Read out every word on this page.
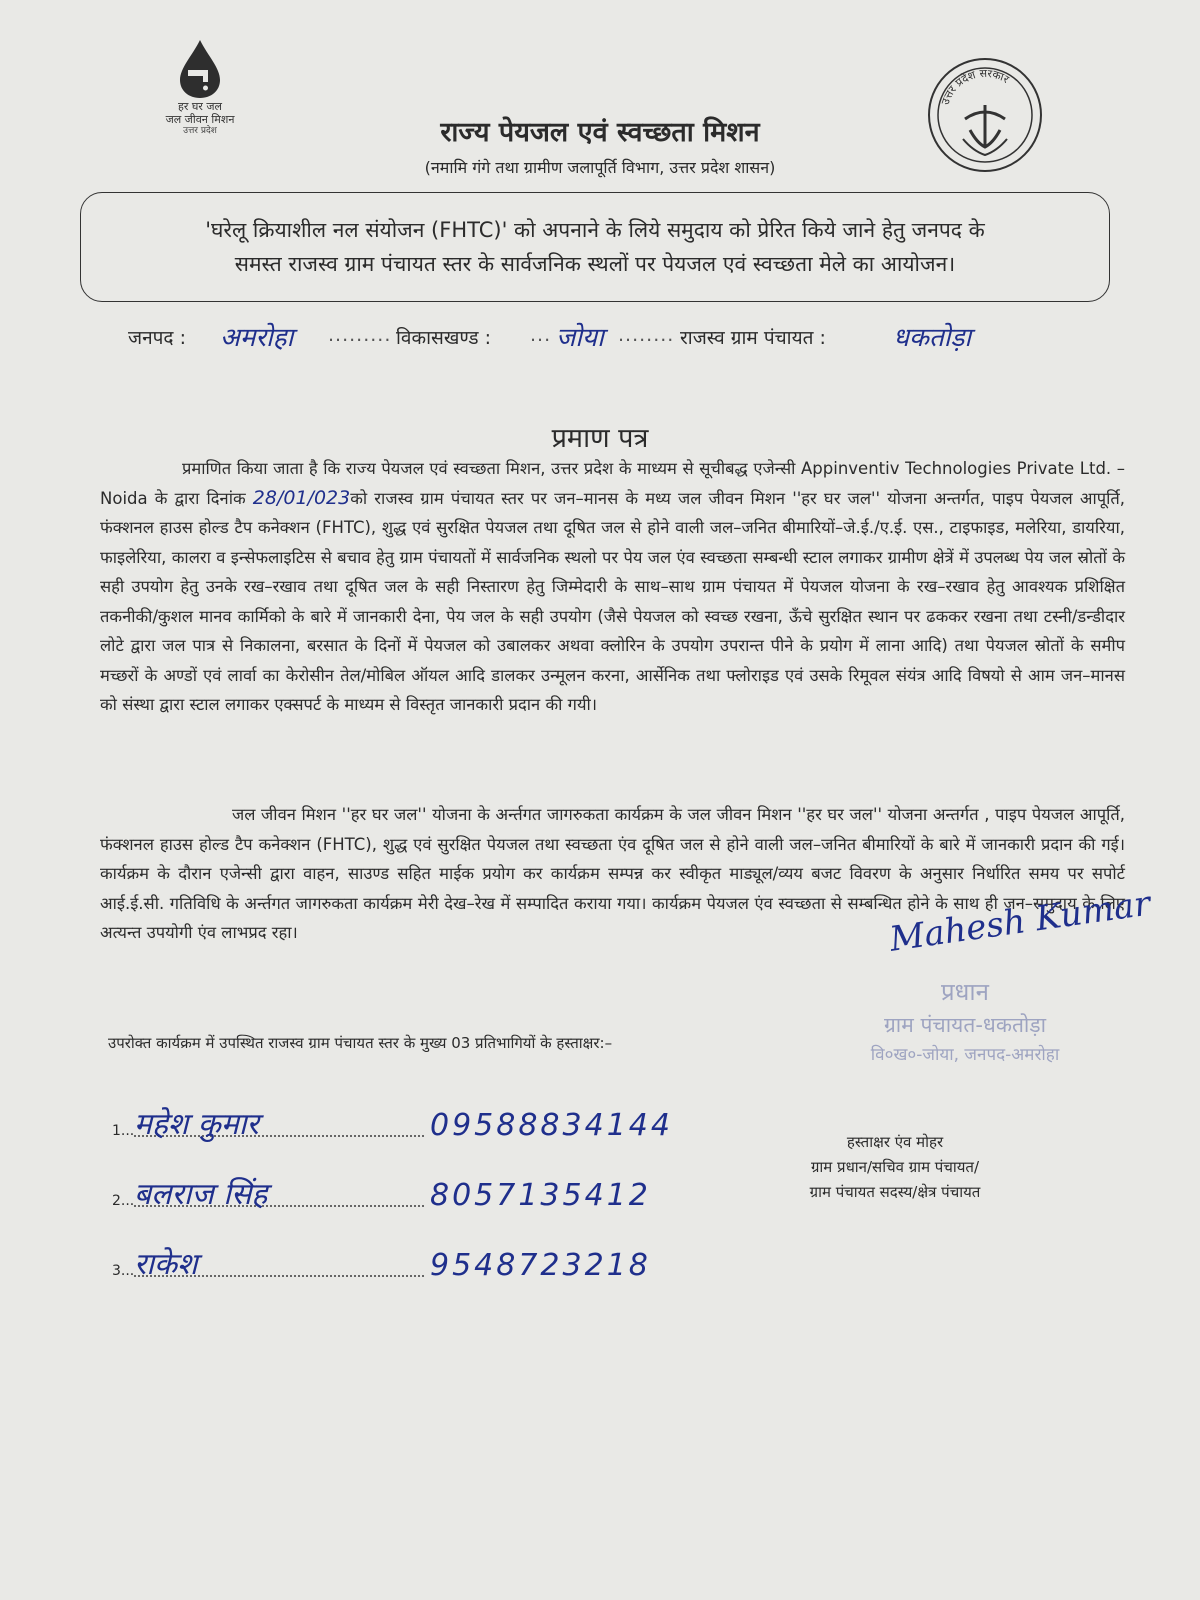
हर घर जल
जल जीवन मिशन
उत्तर प्रदेश
उत्तर प्रदेश सरकार
राज्य पेयजल एवं स्वच्छता मिशन
(नमामि गंगे तथा ग्रामीण जलापूर्ति विभाग, उत्तर प्रदेश शासन)
'घरेलू क्रियाशील नल संयोजन (FHTC)' को अपनाने के लिये समुदाय को प्रेरित किये जाने हेतु जनपद के
समस्त राजस्व ग्राम पंचायत स्तर के सार्वजनिक स्थलों पर पेयजल एवं स्वच्छता मेले का आयोजन।
जनपद : अमरोहा ......... विकासखण्ड : ... जोया ........ राजस्व ग्राम पंचायत :	धकतोड़ा
प्रमाण पत्र
प्रमाणित किया जाता है कि राज्य पेयजल एवं स्वच्छता मिशन, उत्तर प्रदेश के माध्यम से सूचीबद्ध एजेन्सी Appinventiv Technologies Private Ltd. – Noida के द्वारा दिनांक 28/01/023को राजस्व ग्राम पंचायत स्तर पर जन–मानस के मध्य जल जीवन मिशन ''हर घर जल'' योजना अन्तर्गत, पाइप पेयजल आपूर्ति, फंक्शनल हाउस होल्ड टैप कनेक्शन (FHTC), शुद्ध एवं सुरक्षित पेयजल तथा दूषित जल से होने वाली जल–जनित बीमारियों–जे.ई./ए.ई. एस., टाइफाइड, मलेरिया, डायरिया, फाइलेरिया, कालरा व इन्सेफलाइटिस से बचाव हेतु ग्राम पंचायतों में सार्वजनिक स्थलो पर पेय जल एंव स्वच्छता सम्बन्धी स्टाल लगाकर ग्रामीण क्षेत्रें में उपलब्ध पेय जल स्रोतों के सही उपयोग हेतु उनके रख–रखाव तथा दूषित जल के सही निस्तारण हेतु जिम्मेदारी के साथ–साथ ग्राम पंचायत में पेयजल योजना के रख–रखाव हेतु आवश्यक प्रशिक्षित तकनीकी/कुशल मानव कार्मिको के बारे में जानकारी देना, पेय जल के सही उपयोग (जैसे पेयजल को स्वच्छ रखना, ऊँचे सुरक्षित स्थान पर ढककर रखना तथा टस्नी/डन्डीदार लोटे द्वारा जल पात्र से निकालना, बरसात के दिनों में पेयजल को उबालकर अथवा क्लोरिन के उपयोग उपरान्त पीने के प्रयोग में लाना आदि) तथा पेयजल स्रोतों के समीप मच्छरों के अण्डों एवं लार्वा का केरोसीन तेल/मोबिल ऑयल आदि डालकर उन्मूलन करना, आर्सेनिक तथा फ्लोराइड एवं उसके रिमूवल संयंत्र आदि विषयो से आम जन–मानस को संस्था द्वारा स्टाल लगाकर एक्सपर्ट के माध्यम से विस्तृत जानकारी प्रदान की गयी।
जल जीवन मिशन ''हर घर जल'' योजना के अर्न्तगत जागरुकता कार्यक्रम के जल जीवन मिशन ''हर घर जल'' योजना अन्तर्गत , पाइप पेयजल आपूर्ति, फंक्शनल हाउस होल्ड टैप कनेक्शन (FHTC), शुद्ध एवं सुरक्षित पेयजल तथा स्वच्छता एंव दूषित जल से होने वाली जल–जनित बीमारियों के बारे में जानकारी प्रदान की गई। कार्यक्रम के दौरान एजेन्सी द्वारा वाहन, साउण्ड सहित माईक प्रयोग कर कार्यक्रम सम्पन्न कर स्वीकृत माड्यूल/व्यय बजट विवरण के अनुसार निर्धारित समय पर सपोर्ट आई.ई.सी. गतिविधि के अर्न्तगत जागरुकता कार्यक्रम मेरी देख–रेख में सम्पादित कराया गया। कार्यक्रम पेयजल एंव स्वच्छता से सम्बन्धित होने के साथ ही जन–समुदाय के लिए अत्यन्त उपयोगी एंव लाभप्रद रहा।	Mahesh Kumar
प्रधान
ग्राम पंचायत-धकतोड़ा
वि०ख०-जोया, जनपद-अमरोहा
उपरोक्त कार्यक्रम में उपस्थित राजस्व ग्राम पंचायत स्तर के मुख्य 03 प्रतिभागियों के हस्ताक्षर:–
1... महेश कुमार	09588834144
2... बलराज सिंह	8057135412
3... राकेश	9548723218
हस्ताक्षर एंव मोहर
ग्राम प्रधान/सचिव ग्राम पंचायत/
ग्राम पंचायत सदस्य/क्षेत्र पंचायत
